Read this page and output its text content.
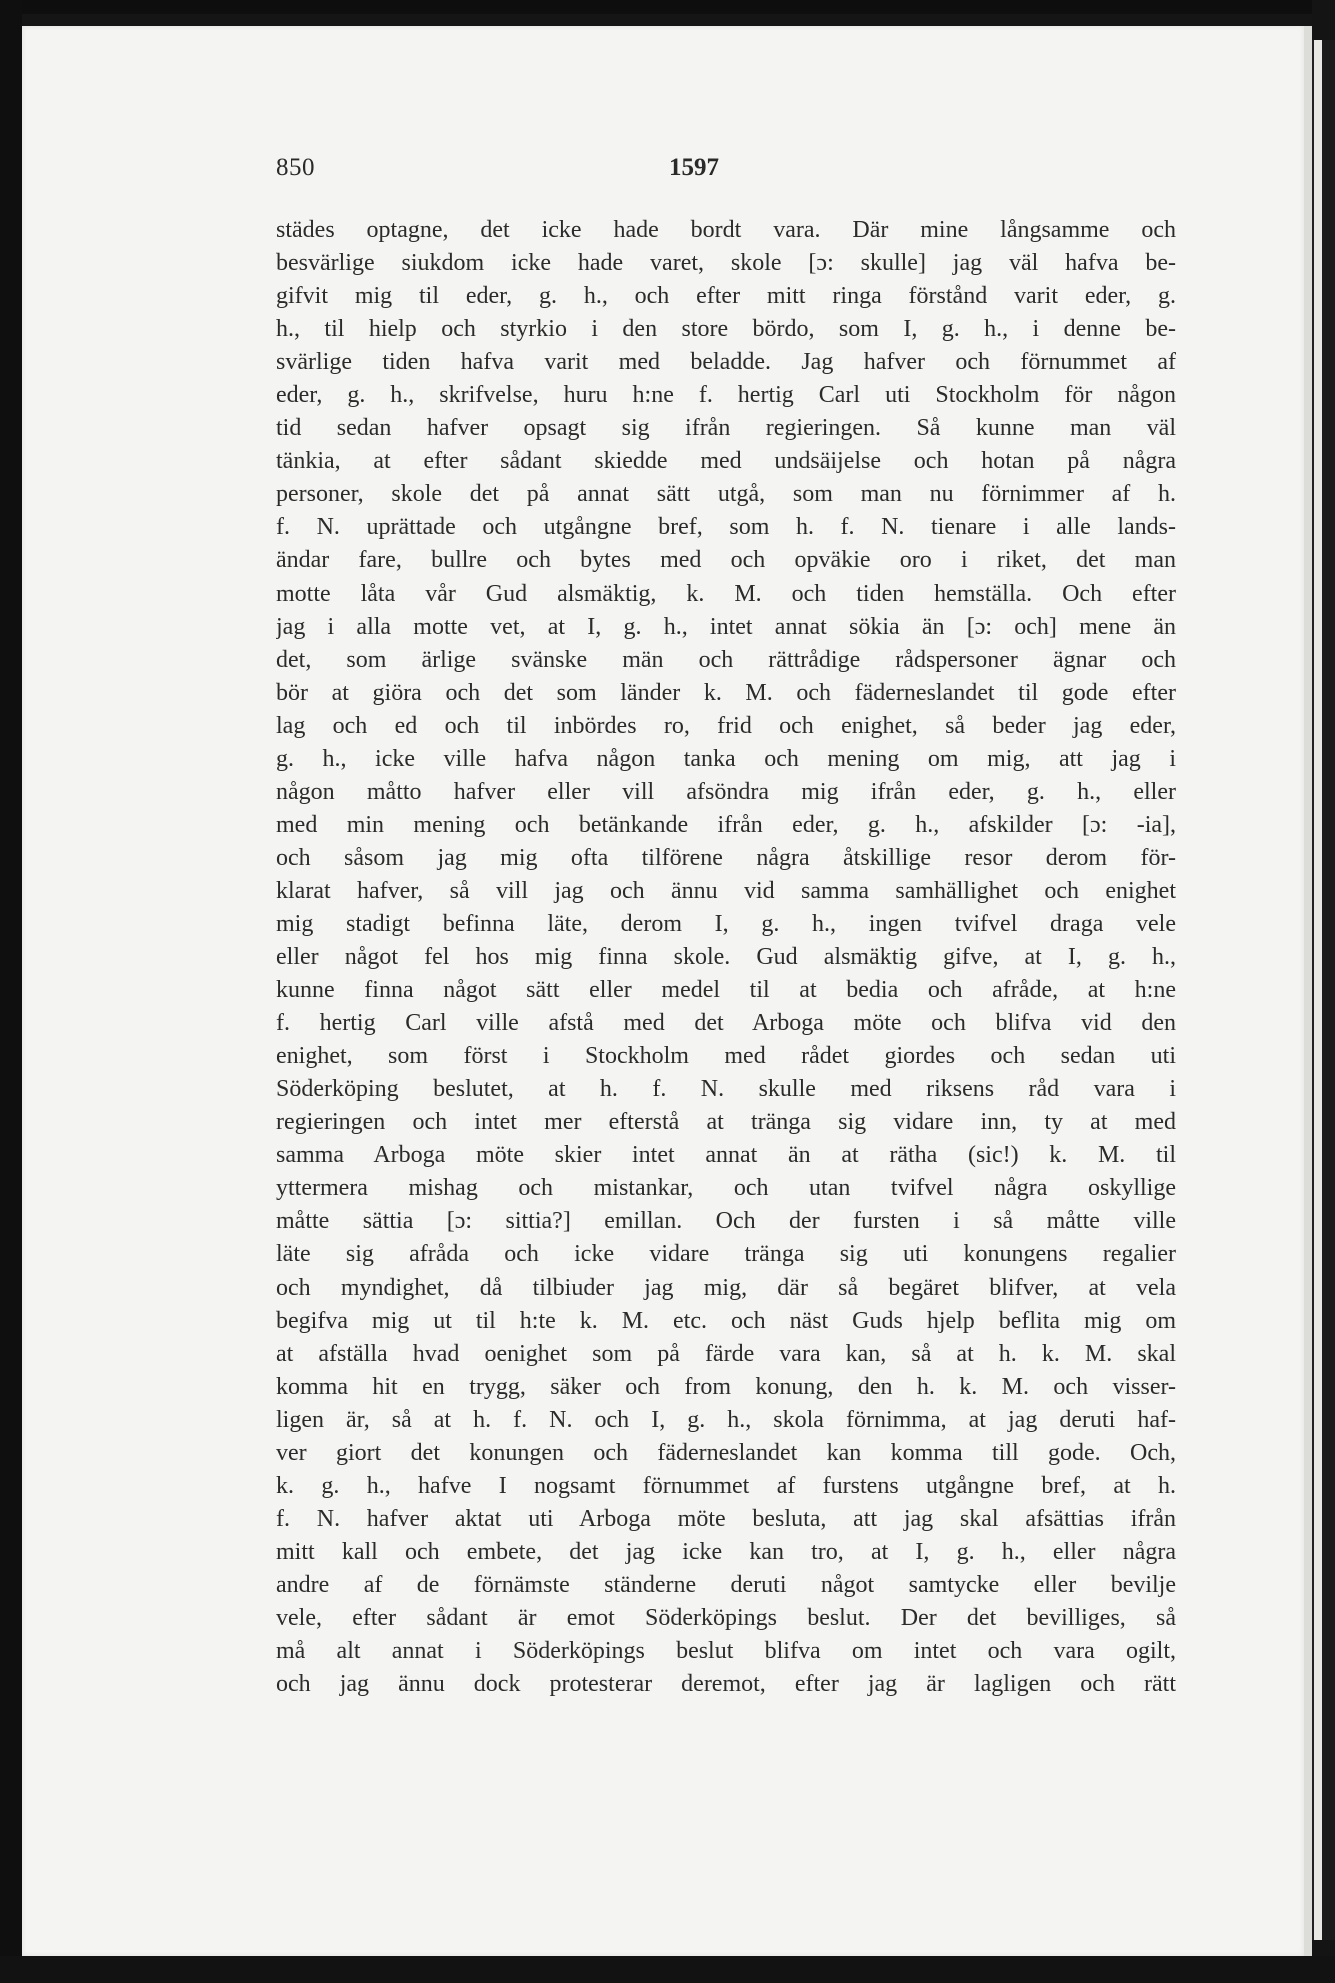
850	1597
städes optagne, det icke hade bordt vara. Där mine långsamme och
besvärlige siukdom icke hade varet, skole [ɔ: skulle] jag väl hafva be-
gifvit mig til eder, g. h., och efter mitt ringa förstånd varit eder, g.
h., til hielp och styrkio i den store bördo, som I, g. h., i denne be-
svärlige tiden hafva varit med beladde. Jag hafver och förnummet af
eder, g. h., skrifvelse, huru h:ne f. hertig Carl uti Stockholm för någon
tid sedan hafver opsagt sig ifrån regieringen. Så kunne man väl
tänkia, at efter sådant skiedde med undsäijelse och hotan på några
personer, skole det på annat sätt utgå, som man nu förnimmer af h.
f. N. uprättade och utgångne bref, som h. f. N. tienare i alle lands-
ändar fare, bullre och bytes med och opväkie oro i riket, det man
motte låta vår Gud alsmäktig, k. M. och tiden hemställa. Och efter
jag i alla motte vet, at I, g. h., intet annat sökia än [ɔ: och] mene än
det, som ärlige svänske män och rättrådige rådspersoner ägnar och
bör at giöra och det som länder k. M. och fäderneslandet til gode efter
lag och ed och til inbördes ro, frid och enighet, så beder jag eder,
g. h., icke ville hafva någon tanka och mening om mig, att jag i
någon måtto hafver eller vill afsöndra mig ifrån eder, g. h., eller
med min mening och betänkande ifrån eder, g. h., afskilder [ɔ: -ia],
och såsom jag mig ofta tilförene några åtskillige resor derom för-
klarat hafver, så vill jag och ännu vid samma samhällighet och enighet
mig stadigt befinna läte, derom I, g. h., ingen tvifvel draga vele
eller något fel hos mig finna skole. Gud alsmäktig gifve, at I, g. h.,
kunne finna något sätt eller medel til at bedia och afråde, at h:ne
f. hertig Carl ville afstå med det Arboga möte och blifva vid den
enighet, som först i Stockholm med rådet giordes och sedan uti
Söderköping beslutet, at h. f. N. skulle med riksens råd vara i
regieringen och intet mer efterstå at tränga sig vidare inn, ty at med
samma Arboga möte skier intet annat än at rätha (sic!) k. M. til
yttermera mishag och mistankar, och utan tvifvel några oskyllige
måtte sättia [ɔ: sittia?] emillan. Och der fursten i så måtte ville
läte sig afråda och icke vidare tränga sig uti konungens regalier
och myndighet, då tilbiuder jag mig, där så begäret blifver, at vela
begifva mig ut til h:te k. M. etc. och näst Guds hjelp beflita mig om
at afställa hvad oenighet som på färde vara kan, så at h. k. M. skal
komma hit en trygg, säker och from konung, den h. k. M. och visser-
ligen är, så at h. f. N. och I, g. h., skola förnimma, at jag deruti haf-
ver giort det konungen och fäderneslandet kan komma till gode. Och,
k. g. h., hafve I nogsamt förnummet af furstens utgångne bref, at h.
f. N. hafver aktat uti Arboga möte besluta, att jag skal afsättias ifrån
mitt kall och embete, det jag icke kan tro, at I, g. h., eller några
andre af de förnämste ständerne deruti något samtycke eller bevilje
vele, efter sådant är emot Söderköpings beslut. Der det bevilliges, så
må alt annat i Söderköpings beslut blifva om intet och vara ogilt,
och jag ännu dock protesterar deremot, efter jag är lagligen och rätt
